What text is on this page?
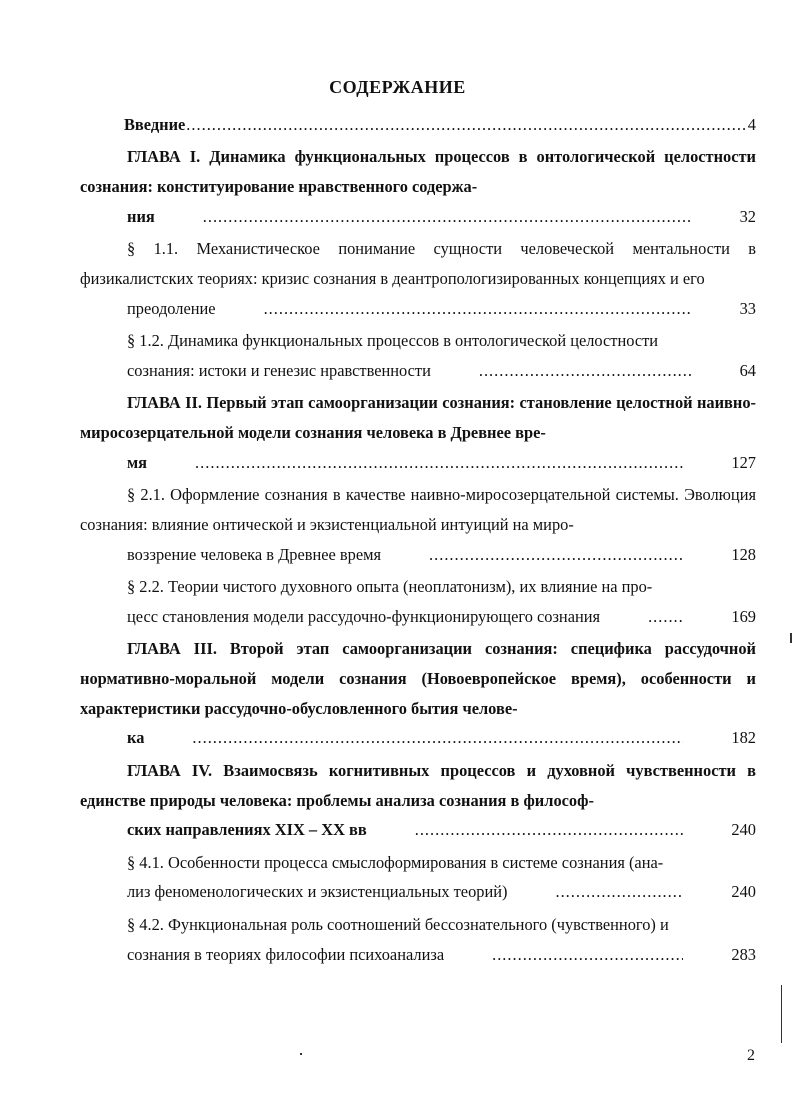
СОДЕРЖАНИЕ
Введние .....	4
ГЛАВА I. Динамика функциональных процессов в онтологической целостности сознания: конституирование нравственного содержа-
ния .....	32
§ 1.1. Механистическое понимание сущности человеческой ментальности в физикалистских теориях: кризис сознания в деантропологизированных концепциях и его
преодоление .....	33
§ 1.2. Динамика функциональных процессов в онтологической целостности
сознания: истоки и генезис нравственности .....	64
ГЛАВА II. Первый этап самоорганизации сознания: становление целостной наивно-миросозерцательной модели сознания человека в Древнее вре-
мя .....	127
§ 2.1. Оформление сознания в качестве наивно-миросозерцательной системы. Эволюция сознания: влияние онтической и экзистенциальной интуиций на миро-
воззрение человека в Древнее время .....	128
§ 2.2. Теории чистого духовного опыта (неоплатонизм), их влияние на про-
цесс становления модели рассудочно-функционирующего сознания .....	169
ГЛАВА III. Второй этап самоорганизации сознания: специфика рассудочной нормативно-моральной модели сознания (Новоевропейское время), особенности и характеристики рассудочно-обусловленного бытия челове-
ка .....	182
ГЛАВА IV. Взаимосвязь когнитивных процессов и духовной чувственности в единстве природы человека: проблемы анализа сознания в философ-
ских направлениях XIX – XX вв .....	240
§ 4.1. Особенности процесса смыслоформирования в системе сознания (ана-
лиз феноменологических и экзистенциальных теорий) .....	240
§ 4.2. Функциональная роль соотношений бессознательного (чувственного) и
сознания в теориях философии психоанализа .....	283
2
